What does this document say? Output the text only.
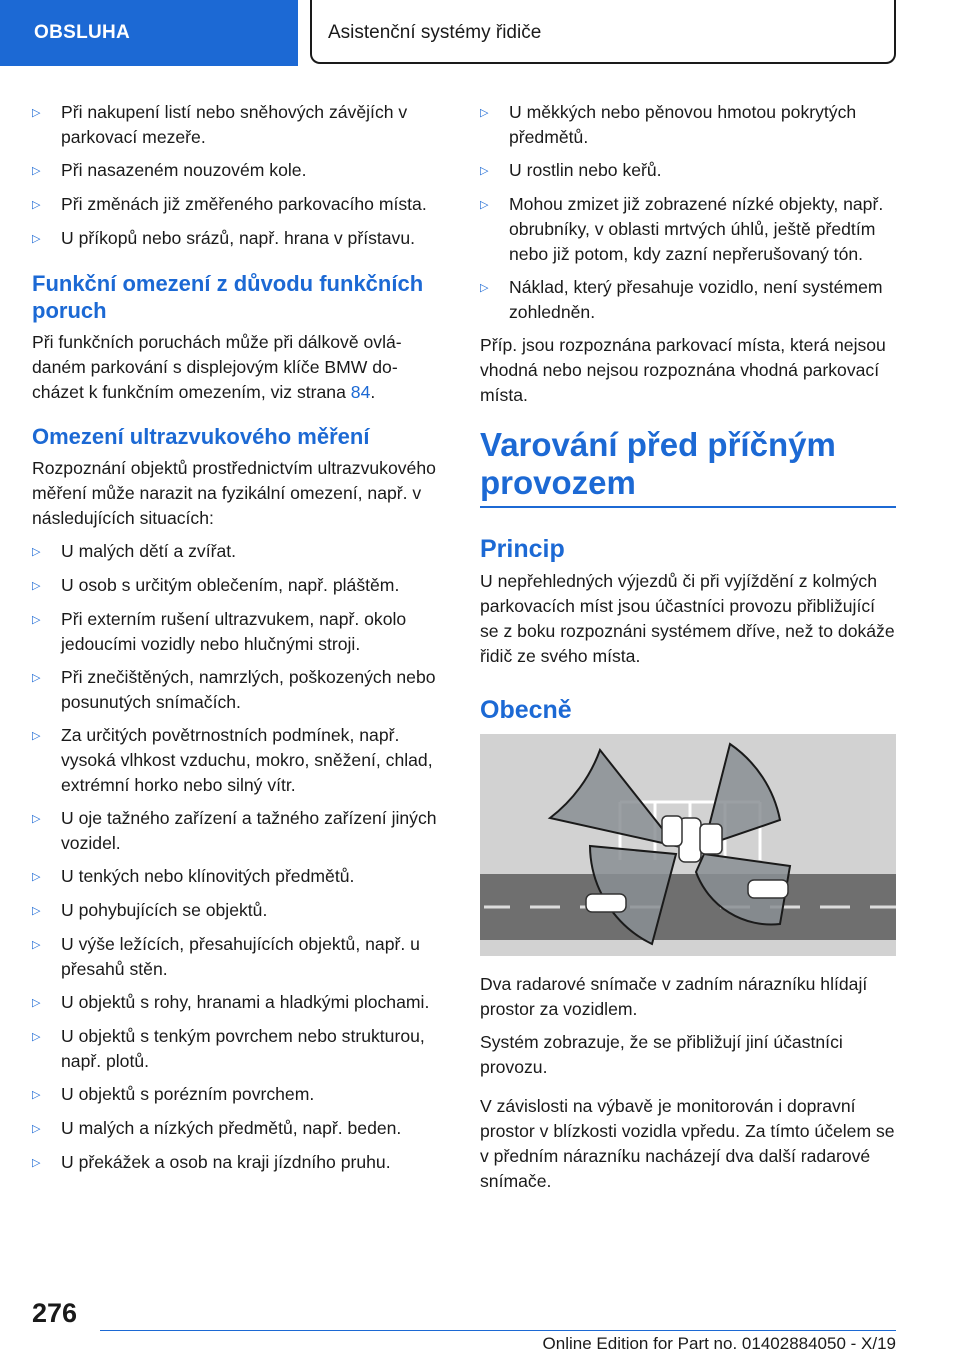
OBSLUHA	Asistenční systémy řidiče
▷	Při nakupení listí nebo sněhových závějích v parkovací mezeře.
▷	Při nasazeném nouzovém kole.
▷	Při změnách již změřeného parkovacího místa.
▷	U příkopů nebo srázů, např. hrana v přístavu.
Funkční omezení z důvodu funkčních poruch

Při funkčních poruchách může při dálkově ovládaném parkování s displejovým klíče BMW docházet k funkčním omezením, viz strana 84.

Omezení ultrazvukového měření

Rozpoznání objektů prostřednictvím ultrazvukového měření může narazit na fyzikální omezení, např. v následujících situacích:

▷	U malých dětí a zvířat.
▷	U osob s určitým oblečením, např. pláštěm.
▷	Při externím rušení ultrazvukem, např. okolo jedoucími vozidly nebo hlučnými stroji.
▷	Při znečištěných, namrzlých, poškozených nebo posunutých snímačích.
▷	Za určitých povětrnostních podmínek, např. vysoká vlhkost vzduchu, mokro, sněžení, chlad, extrémní horko nebo silný vítr.
▷	U oje tažného zařízení a tažného zařízení jiných vozidel.
▷	U tenkých nebo klínovitých předmětů.
▷	U pohybujících se objektů.
▷	U výše ležících, přesahujících objektů, např. u přesahů stěn.
▷	U objektů s rohy, hranami a hladkými plochami.
▷	U objektů s tenkým povrchem nebo strukturou, např. plotů.
▷	U objektů s porézním povrchem.
▷	U malých a nízkých předmětů, např. beden.
▷	U překážek a osob na kraji jízdního pruhu.
▷	U měkkých nebo pěnovou hmotou pokrytých předmětů.
▷	U rostlin nebo keřů.
▷	Mohou zmizet již zobrazené nízké objekty, např. obrubníky, v oblasti mrtvých úhlů, ještě předtím nebo již potom, kdy zazní nepřerušovaný tón.
▷	Náklad, který přesahuje vozidlo, není systémem zohledněn.

Příp. jsou rozpoznána parkovací místa, která nejsou vhodná nebo nejsou rozpoznána vhodná parkovací místa.

Varování před příčným provozem
Princip

U nepřehledných výjezdů či při vyjíždění z kolmých parkovacích míst jsou účastníci provozu přibližující se z boku rozpoznáni systémem dříve, než to dokáže řidič ze svého místa.

Obecně

Dva radarové snímače v zadním nárazníku hlídají prostor za vozidlem.

Systém zobrazuje, že se přibližují jiní účastníci provozu.

V závislosti na výbavě je monitorován i dopravní prostor v blízkosti vozidla vpředu. Za tímto účelem se v předním nárazníku nacházejí dva další radarové snímače.

276
Online Edition for Part no. 01402884050 - X/19
